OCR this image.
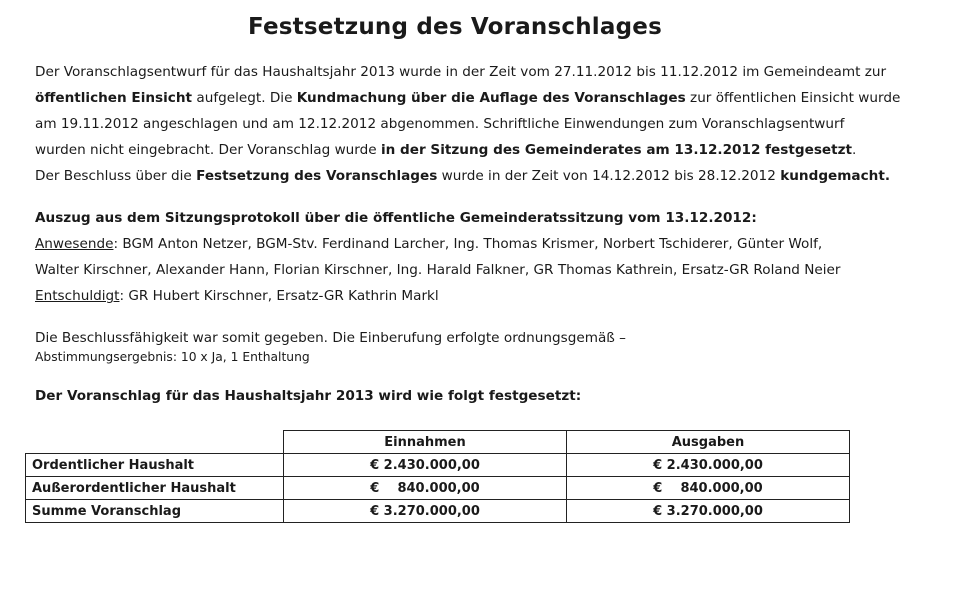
Festsetzung des Voranschlages
Der Voranschlagsentwurf für das Haushaltsjahr 2013 wurde in der Zeit vom 27.11.2012 bis 11.12.2012 im Gemeindeamt zur
öffentlichen Einsicht aufgelegt. Die Kundmachung über die Auflage des Voranschlages zur öffentlichen Einsicht wurde
am 19.11.2012 angeschlagen und am 12.12.2012 abgenommen. Schriftliche Einwendungen zum Voranschlagsentwurf
wurden nicht eingebracht. Der Voranschlag wurde in der Sitzung des Gemeinderates am 13.12.2012 festgesetzt.
Der Beschluss über die Festsetzung des Voranschlages wurde in der Zeit von 14.12.2012 bis 28.12.2012 kundgemacht.
Auszug aus dem Sitzungsprotokoll über die öffentliche Gemeinderatssitzung vom 13.12.2012:
Anwesende: BGM Anton Netzer, BGM-Stv. Ferdinand Larcher, Ing. Thomas Krismer, Norbert Tschiderer, Günter Wolf,
Walter Kirschner, Alexander Hann, Florian Kirschner, Ing. Harald Falkner, GR Thomas Kathrein, Ersatz-GR Roland Neier
Entschuldigt: GR Hubert Kirschner, Ersatz-GR Kathrin Markl
Die Beschlussfähigkeit war somit gegeben. Die Einberufung erfolgte ordnungsgemäß –
Abstimmungsergebnis: 10 x Ja, 1 Enthaltung
Der Voranschlag für das Haushaltsjahr 2013 wird wie folgt festgesetzt:
	Einnahmen	Ausgaben
Ordentlicher Haushalt	€ 2.430.000,00	€ 2.430.000,00
Außerordentlicher Haushalt	€    840.000,00	€    840.000,00
Summe Voranschlag	€ 3.270.000,00	€ 3.270.000,00
